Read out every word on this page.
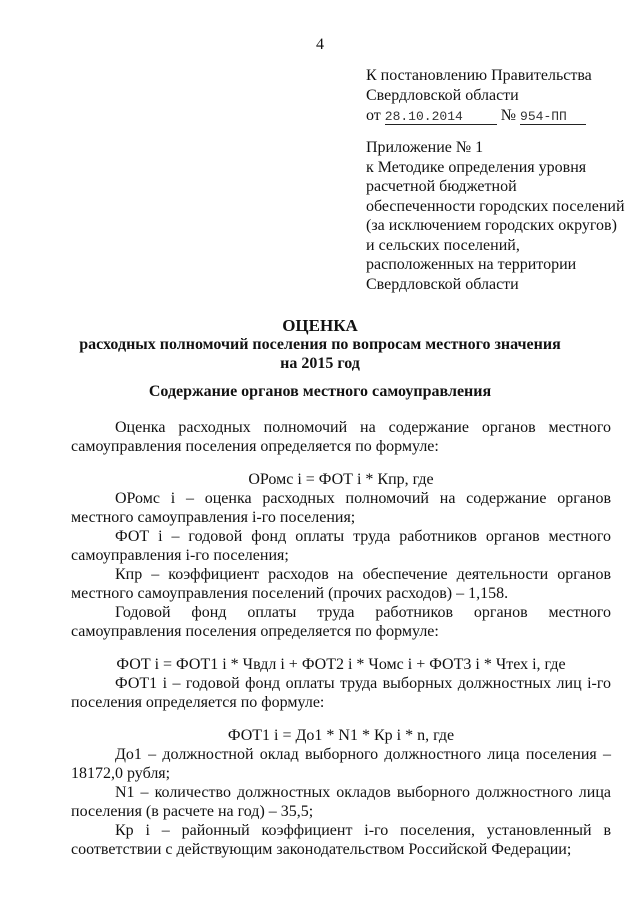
4
К постановлению Правительства
Свердловской области
от 28.10.2014 № 954-ПП
Приложение № 1
к Методике определения уровня
расчетной бюджетной
обеспеченности городских поселений
(за исключением городских округов)
и сельских поселений,
расположенных на территории
Свердловской области
ОЦЕНКА
расходных полномочий поселения по вопросам местного значения
на 2015 год
Содержание органов местного самоуправления

Оценка расходных полномочий на содержание органов местного самоуправления поселения определяется по формуле:

ОРомс i = ФОТ i * Кпр, где

ОРомс i – оценка расходных полномочий на содержание органов местного самоуправления i-го поселения;

ФОТ i – годовой фонд оплаты труда работников органов местного самоуправления i-го поселения;

Кпр – коэффициент расходов на обеспечение деятельности органов местного самоуправления поселений (прочих расходов) – 1,158.

Годовой фонд оплаты труда работников органов местного самоуправления поселения определяется по формуле:

ФОТ i = ФОТ1 i * Чвдл i + ФОТ2 i * Чомс i + ФОТ3 i * Чтех i, где

ФОТ1 i – годовой фонд оплаты труда выборных должностных лиц i-го поселения определяется по формуле:

ФОТ1 i = До1 * N1 * Кр i * n, где

До1 – должностной оклад выборного должностного лица поселения – 18172,0 рубля;

N1 – количество должностных окладов выборного должностного лица поселения (в расчете на год) – 35,5;

Кр i – районный коэффициент i-го поселения, установленный в соответствии с действующим законодательством Российской Федерации;
